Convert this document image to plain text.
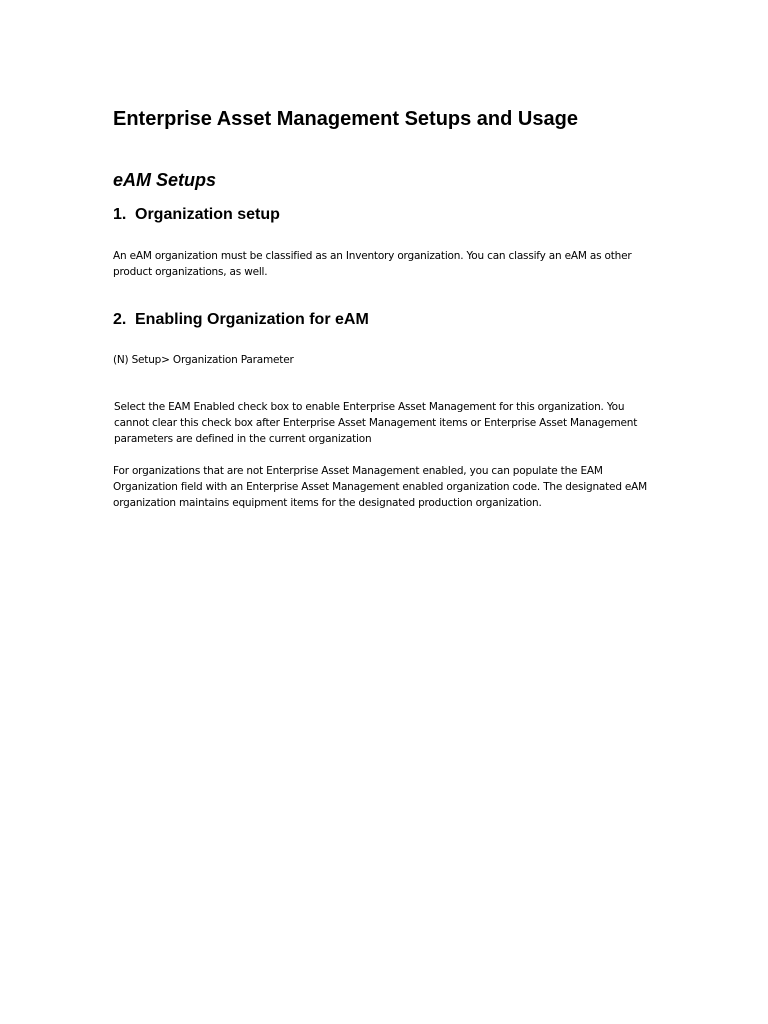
Enterprise Asset Management Setups and Usage
eAM Setups
1. Organization setup

An eAM organization must be classified as an Inventory organization. You can classify an eAM as other product organizations, as well.

2. Enabling Organization for eAM

(N) Setup> Organization Parameter

Select the EAM Enabled check box to enable Enterprise Asset Management for this organization. You cannot clear this check box after Enterprise Asset Management items or Enterprise Asset Management parameters are defined in the current organization

For organizations that are not Enterprise Asset Management enabled, you can populate the EAM Organization field with an Enterprise Asset Management enabled organization code. The designated eAM organization maintains equipment items for the designated production organization.
